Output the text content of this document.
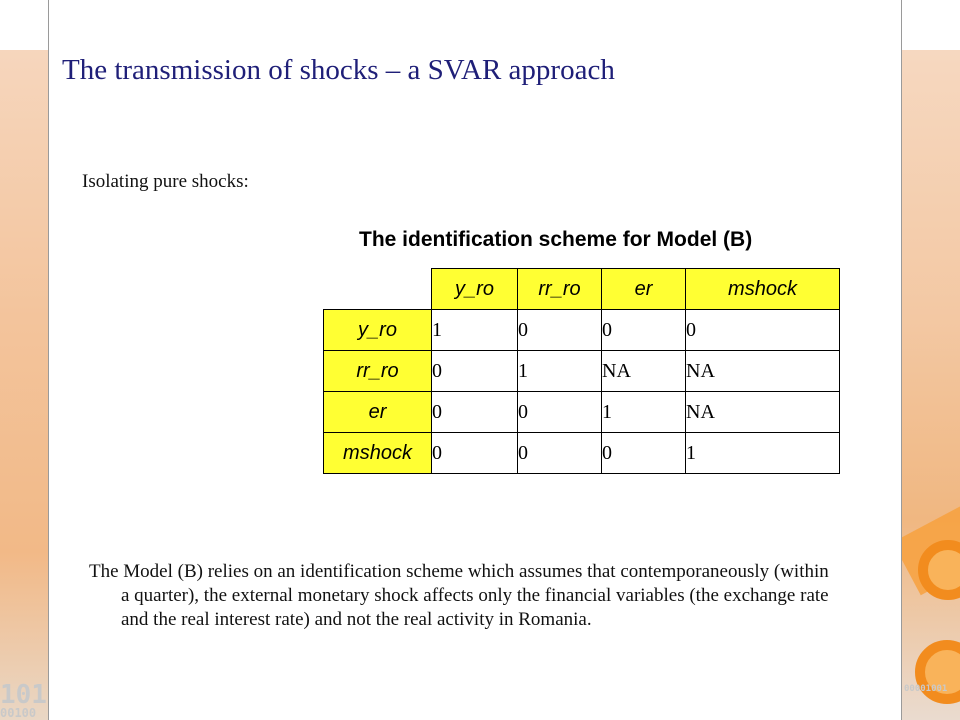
101
00100
00001001
The transmission of shocks – a SVAR approach
Isolating pure shocks:
The identification scheme for Model (B)
	y_ro	rr_ro	er	mshock
y_ro	1	0	0	0
rr_ro	0	1	NA	NA
er	0	0	1	NA
mshock	0	0	0	1
The Model (B) relies on an identification scheme which assumes that contemporaneously (within a quarter), the external monetary shock affects only the financial variables (the exchange rate and the real interest rate) and not the real activity in Romania.
